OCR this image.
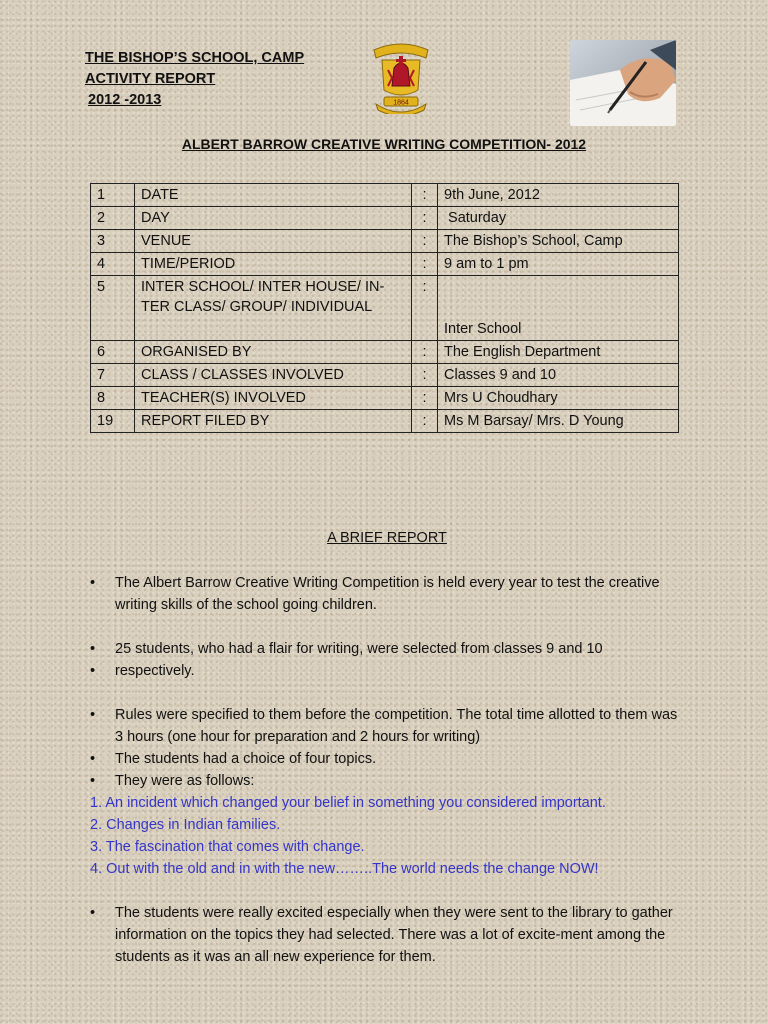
THE BISHOP’S SCHOOL, CAMP
ACTIVITY REPORT
2012 -2013	1864
ALBERT BARROW CREATIVE WRITING COMPETITION- 2012
1	DATE	:	9th June, 2012
2	DAY	:	Saturday
3	VENUE	:	The Bishop’s School, Camp
4	TIME/PERIOD	:	9 am to 1 pm
5	INTER SCHOOL/ INTER HOUSE/ IN-TER CLASS/ GROUP/ INDIVIDUAL	:	Inter School
6	ORGANISED BY	:	The English Department
7	CLASS / CLASSES INVOLVED	:	Classes 9 and 10
8	TEACHER(S) INVOLVED	:	Mrs U Choudhary
19	REPORT FILED BY	:	Ms M Barsay/ Mrs. D Young
A BRIEF REPORT
• The Albert Barrow Creative Writing Competition is held every year to test the creative writing skills of the school going children.
• 25 students, who had a flair for writing, were selected from classes 9 and 10
• respectively.
• Rules were specified to them before the competition. The total time allotted to them was 3 hours (one hour for preparation and 2 hours for writing)
• The students had a choice of four topics.
• They were as follows:
1. An incident which changed your belief in something you considered important.
2. Changes in Indian families.
3. The fascination that comes with change.
4. Out with the old and in with the new……..The world needs the change NOW!
• The students were really excited especially when they were sent to the library to gather information on the topics they had selected. There was a lot of excite-ment among the students as it was an all new experience for them.
